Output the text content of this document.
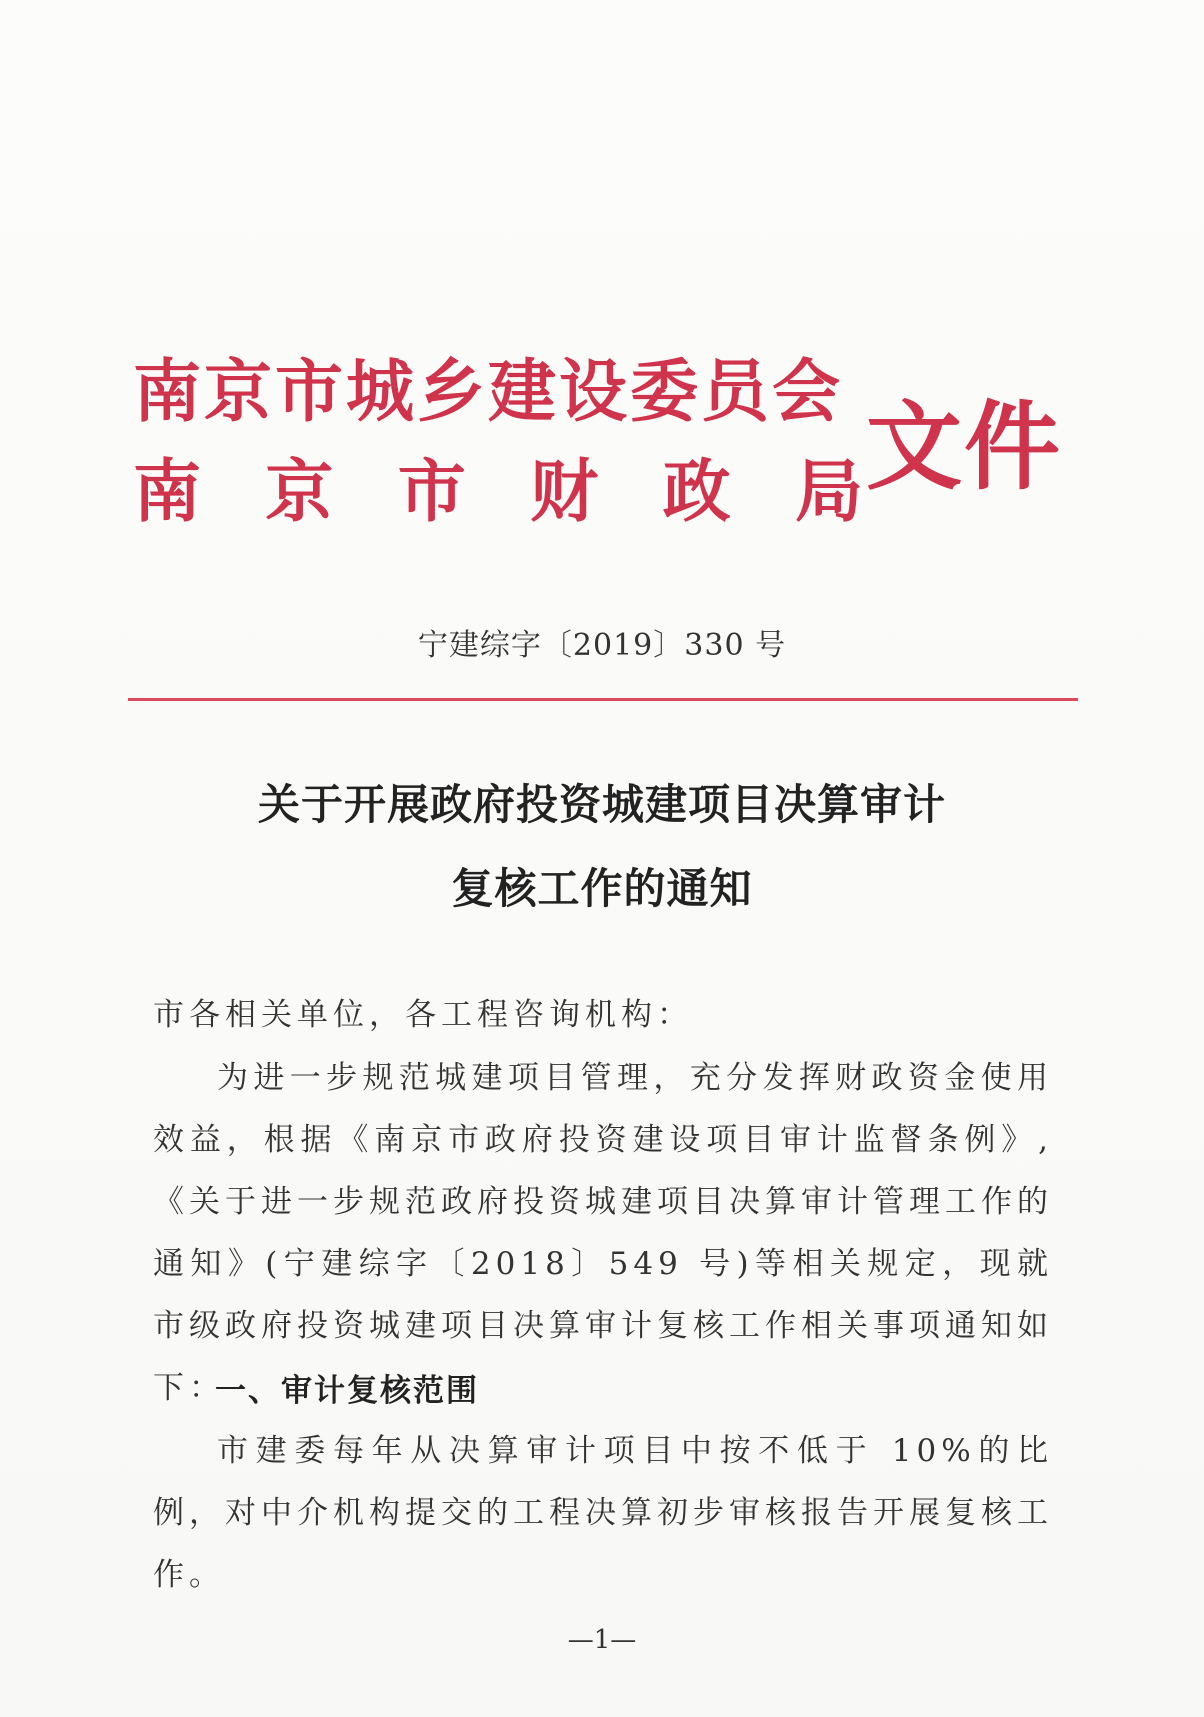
南京市城乡建设委员会
南 京 市 财 政 局 文件
宁建综字〔2019〕330 号
关于开展政府投资城建项目决算审计
复核工作的通知
市各相关单位，各工程咨询机构：
为进一步规范城建项目管理，充分发挥财政资金使用效益，根据《南京市政府投资建设项目审计监督条例》,《关于进一步规范政府投资城建项目决算审计管理工作的通知》(宁建综字〔2018〕549 号)等相关规定，现就市级政府投资城建项目决算审计复核工作相关事项通知如下：
一、审计复核范围
市建委每年从决算审计项目中按不低于 10%的比例，对中介机构提交的工程决算初步审核报告开展复核工作。
—1—
